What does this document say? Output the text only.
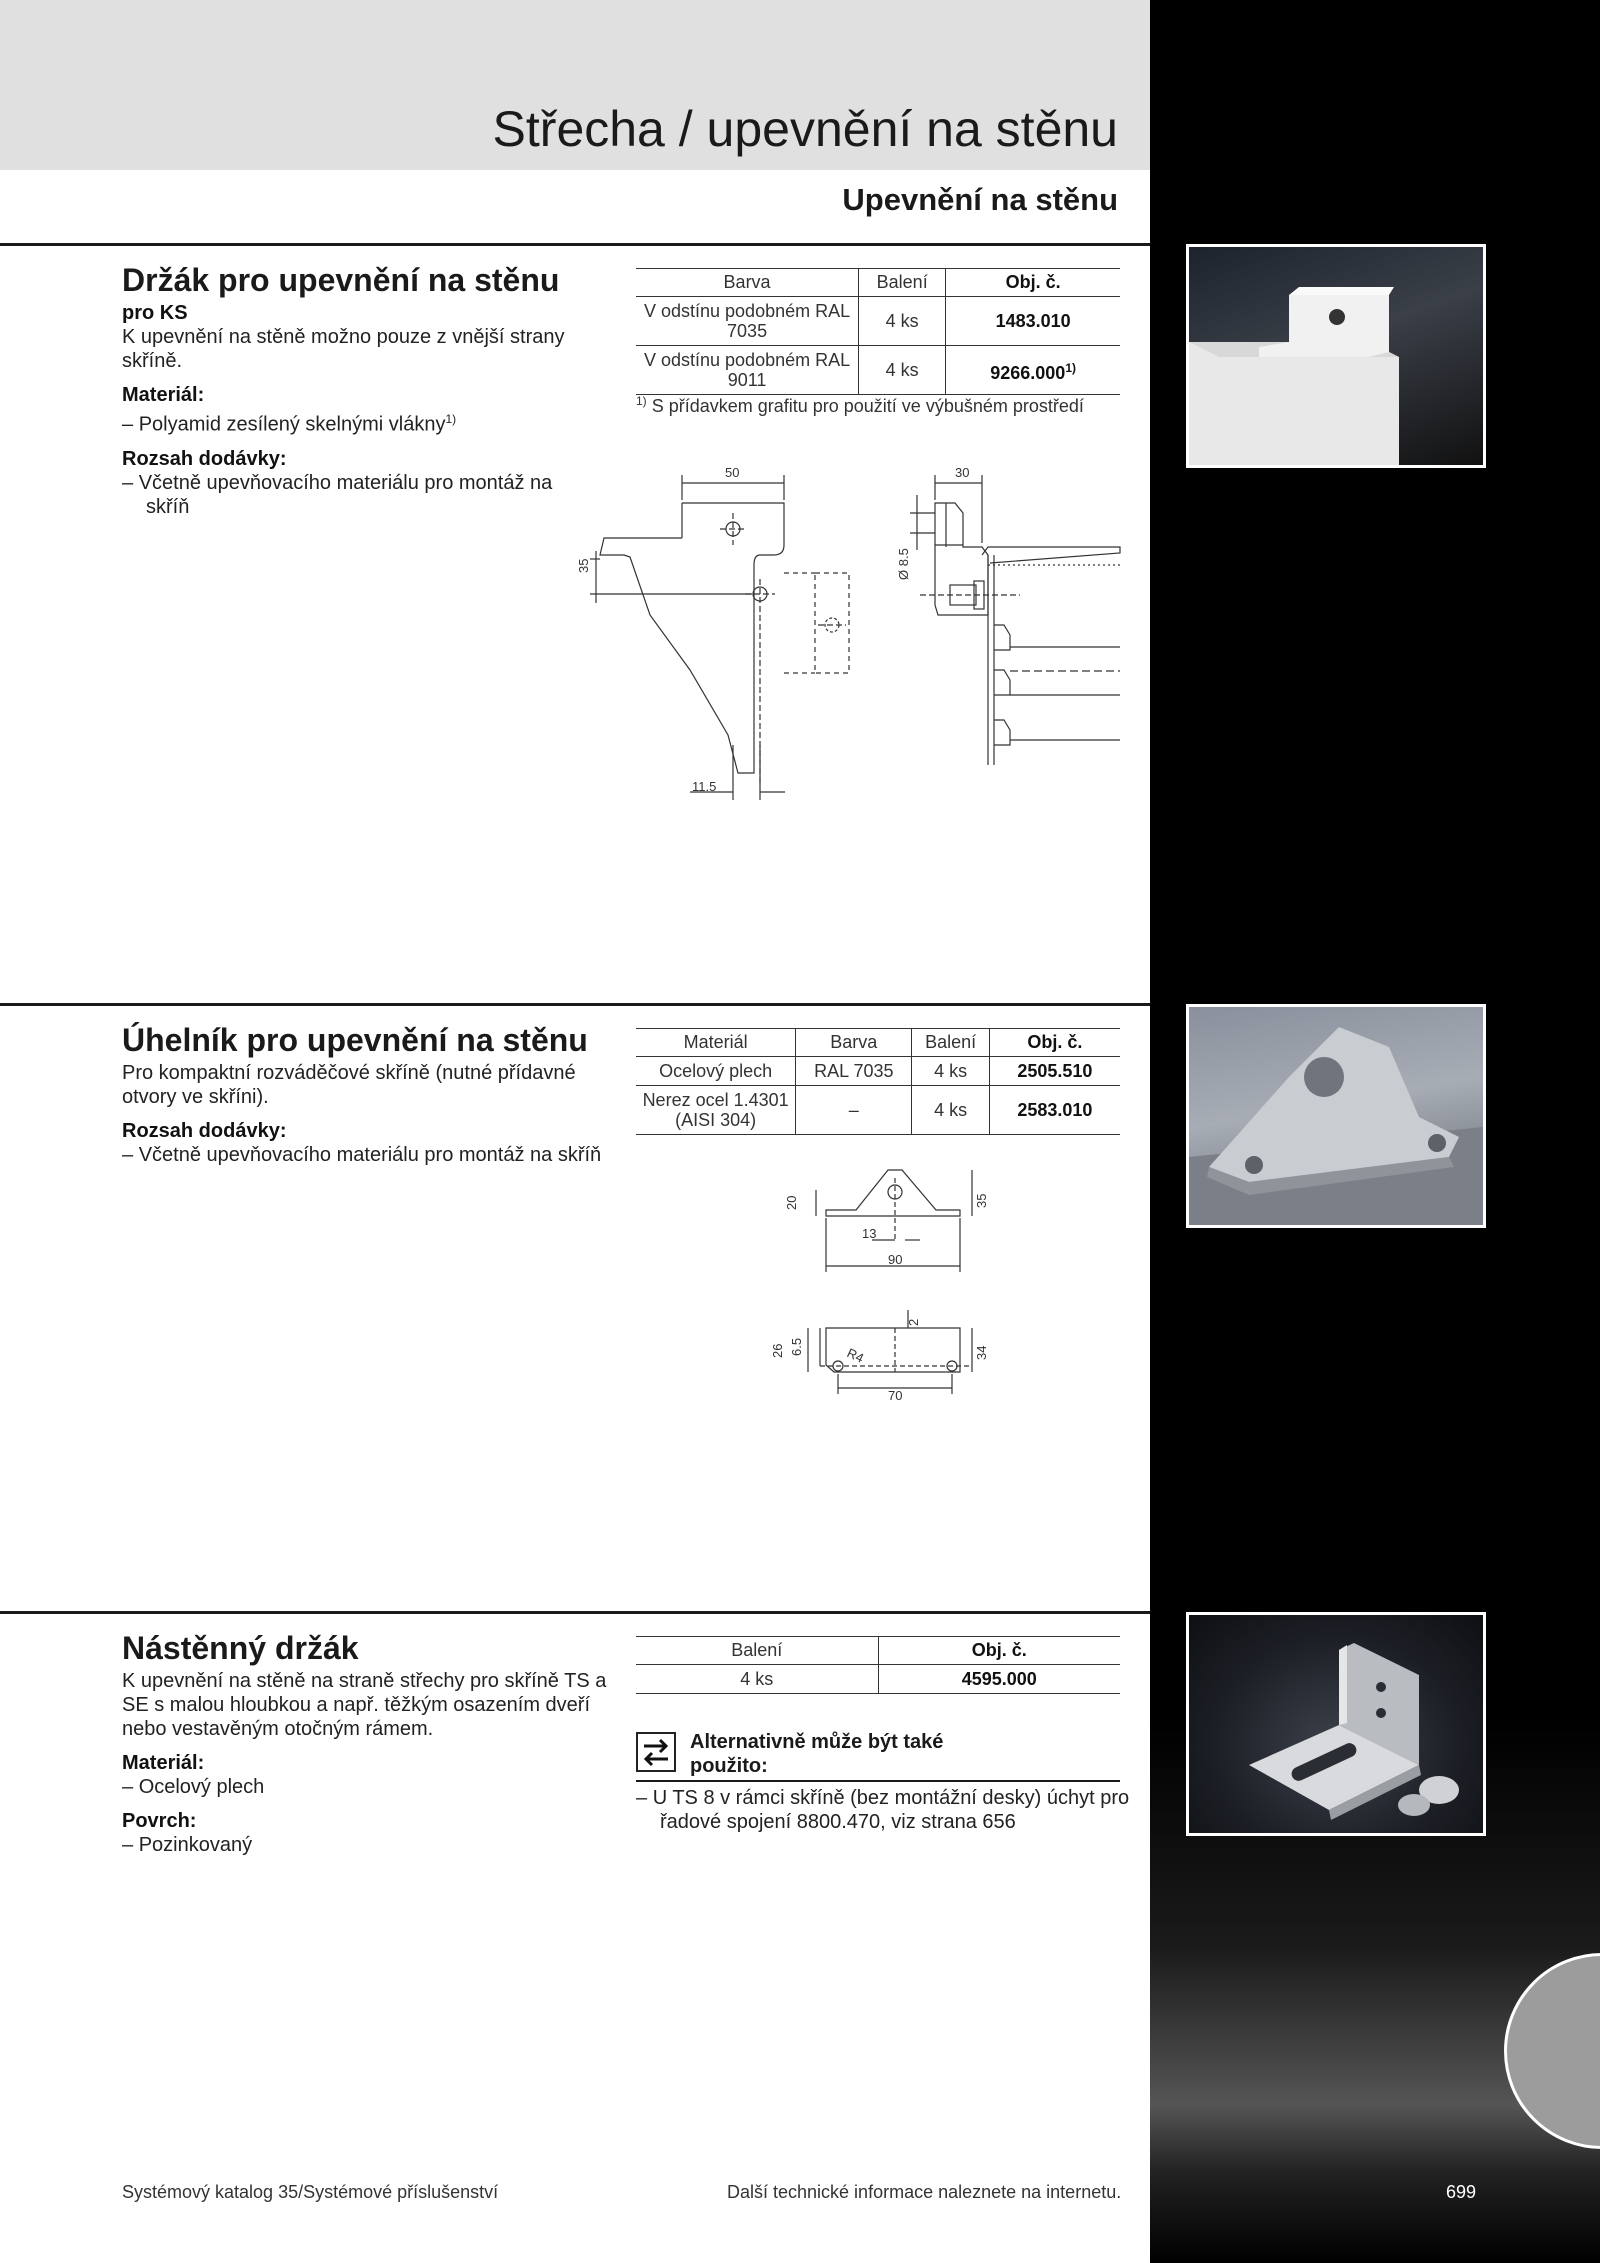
Střecha / upevnění na stěnu
Upevnění na stěnu
Držák pro upevnění na stěnu
pro KS
K upevnění na stěně možno pouze z vnější strany skříně.
Materiál:
– Polyamid zesílený skelnými vlákny$^{1)}$
Rozsah dodávky:
– Včetně upevňovacího materiálu pro montáž na skříň
Barva	Balení	Obj. č.
V odstínu podobném RAL 7035	4 ks	1483.010
V odstínu podobném RAL 9011	4 ks	9266.000$^{1)}$
$^{1)}$ S přídavkem grafitu pro použití ve výbušném prostředí
50
35
11.5
30
Ø 8.5
Úhelník pro upevnění na stěnu
Pro kompaktní rozváděčové skříně (nutné přídavné otvory ve skříni).
Rozsah dodávky:
– Včetně upevňovacího materiálu pro montáž na skříň
Materiál	Barva	Balení	Obj. č.
Ocelový plech	RAL 7035	4 ks	2505.510
Nerez ocel 1.4301 (AISI 304)	–	4 ks	2583.010
20	35
13
90
26 6.5	R4
2
34
70
Nástěnný držák
K upevnění na stěně na straně střechy pro skříně TS a SE s malou hloubkou a např. těžkým osazením dveří nebo vestavěným otočným rámem.
Materiál:
– Ocelový plech
Povrch:
– Pozinkovaný
Balení	Obj. č.
4 ks	4595.000
Alternativně může být také použito:
– U TS 8 v rámci skříně (bez montážní desky) úchyt pro řadové spojení 8800.470, viz strana 656
Systémový katalog 35/Systémové příslušenství	Další technické informace naleznete na internetu.	699
